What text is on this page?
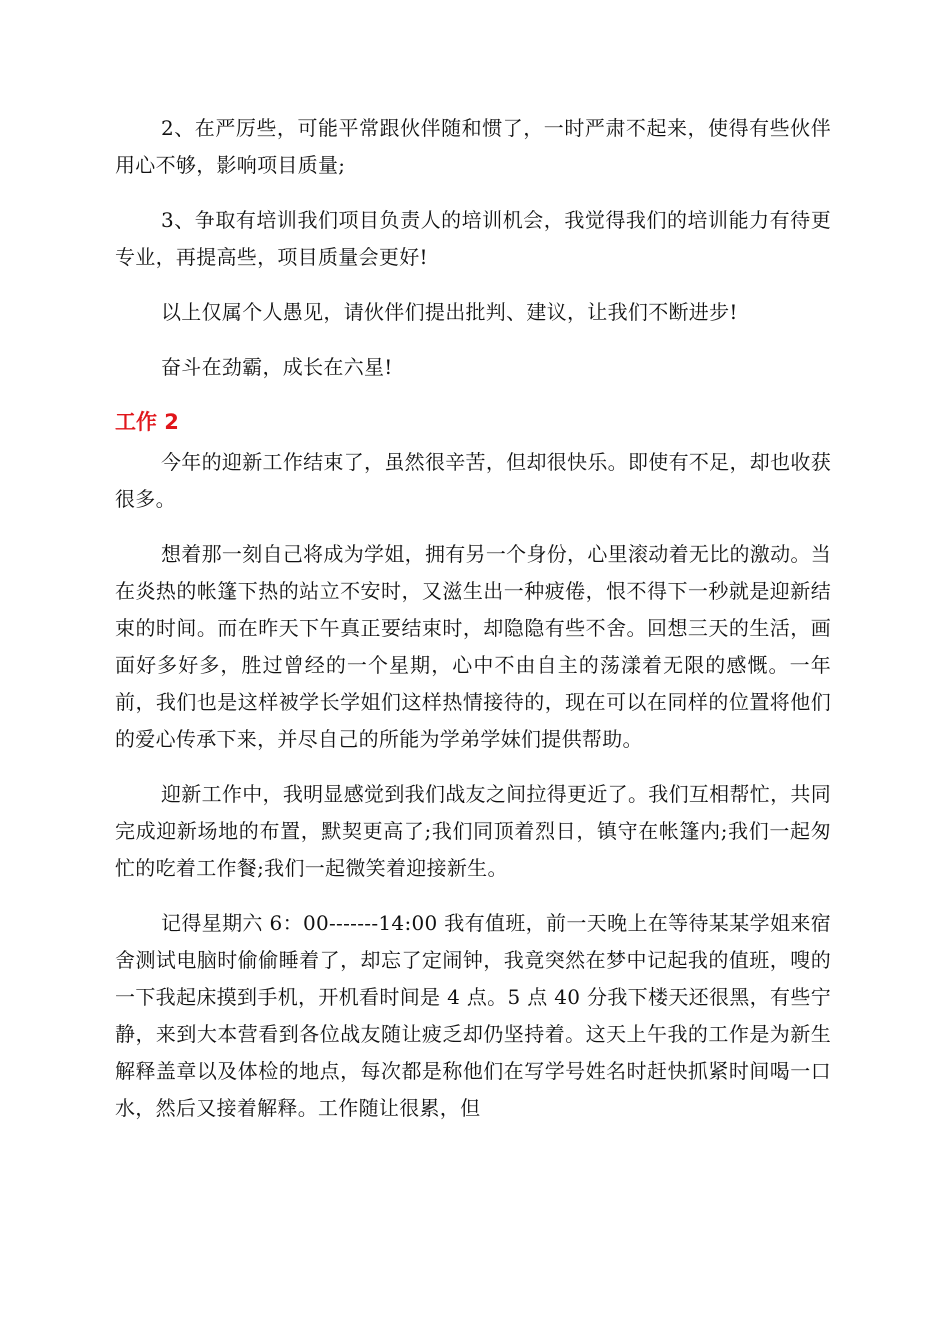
2、在严厉些，可能平常跟伙伴随和惯了，一时严肃不起来，使得有些伙伴用心不够，影响项目质量;

3、争取有培训我们项目负责人的培训机会，我觉得我们的培训能力有待更专业，再提高些，项目质量会更好!

以上仅属个人愚见，请伙伴们提出批判、建议，让我们不断进步!

奋斗在劲霸，成长在六星!

工作 2

今年的迎新工作结束了，虽然很辛苦，但却很快乐。即使有不足，却也收获很多。

想着那一刻自己将成为学姐，拥有另一个身份，心里滚动着无比的激动。当在炎热的帐篷下热的站立不安时，又滋生出一种疲倦，恨不得下一秒就是迎新结束的时间。而在昨天下午真正要结束时，却隐隐有些不舍。回想三天的生活，画面好多好多，胜过曾经的一个星期，心中不由自主的荡漾着无限的感慨。一年前，我们也是这样被学长学姐们这样热情接待的，现在可以在同样的位置将他们的爱心传承下来，并尽自己的所能为学弟学妹们提供帮助。

迎新工作中，我明显感觉到我们战友之间拉得更近了。我们互相帮忙，共同完成迎新场地的布置，默契更高了;我们同顶着烈日，镇守在帐篷内;我们一起匆忙的吃着工作餐;我们一起微笑着迎接新生。

记得星期六 6：00-------14:00 我有值班，前一天晚上在等待某某学姐来宿舍测试电脑时偷偷睡着了，却忘了定闹钟，我竟突然在梦中记起我的值班，嗖的一下我起床摸到手机，开机看时间是 4 点。5 点 40 分我下楼天还很黑，有些宁静，来到大本营看到各位战友随让疲乏却仍坚持着。这天上午我的工作是为新生解释盖章以及体检的地点，每次都是称他们在写学号姓名时赶快抓紧时间喝一口水，然后又接着解释。工作随让很累，但
